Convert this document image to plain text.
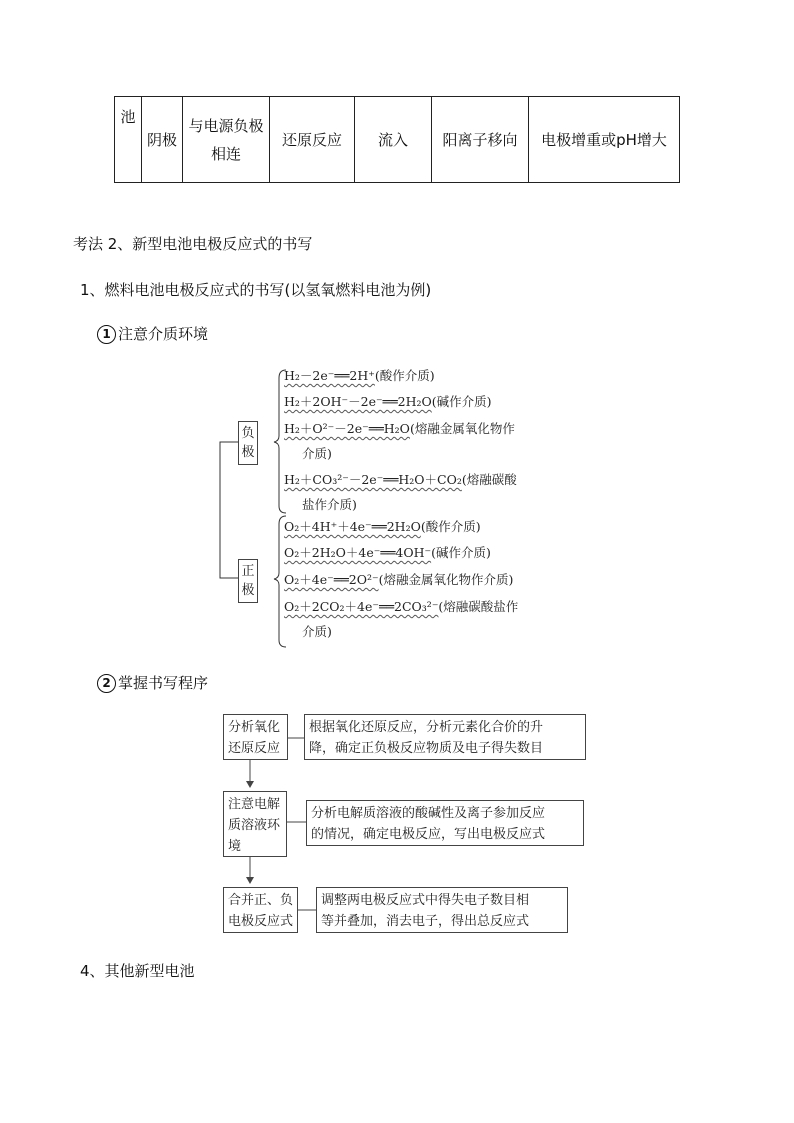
池	阴极	与电源负极相连	还原反应	流入	阳离子移向	电极增重或pH增大
考法 2、新型电池电极反应式的书写
1、燃料电池电极反应式的书写(以氢氧燃料电池为例)
1 注意介质环境
负
极
正
极
H₂－2e⁻══2H⁺(酸作介质)
H₂＋2OH⁻－2e⁻══2H₂O(碱作介质)
H₂＋O²⁻－2e⁻══H₂O(熔融金属氧化物作
介质)
H₂＋CO₃²⁻－2e⁻══H₂O＋CO₂(熔融碳酸
盐作介质)
O₂＋4H⁺＋4e⁻══2H₂O(酸作介质)
O₂＋2H₂O＋4e⁻══4OH⁻(碱作介质)
O₂＋4e⁻══2O²⁻(熔融金属氧化物作介质)
O₂＋2CO₂＋4e⁻══2CO₃²⁻(熔融碳酸盐作
介质)
2 掌握书写程序
分析氧化
还原反应
根据氧化还原反应，分析元素化合价的升
降，确定正负极反应物质及电子得失数目
注意电解
质溶液环
境
分析电解质溶液的酸碱性及离子参加反应
的情况，确定电极反应，写出电极反应式
合并正、负
电极反应式
调整两电极反应式中得失电子数目相
等并叠加，消去电子，得出总反应式
4、其他新型电池
